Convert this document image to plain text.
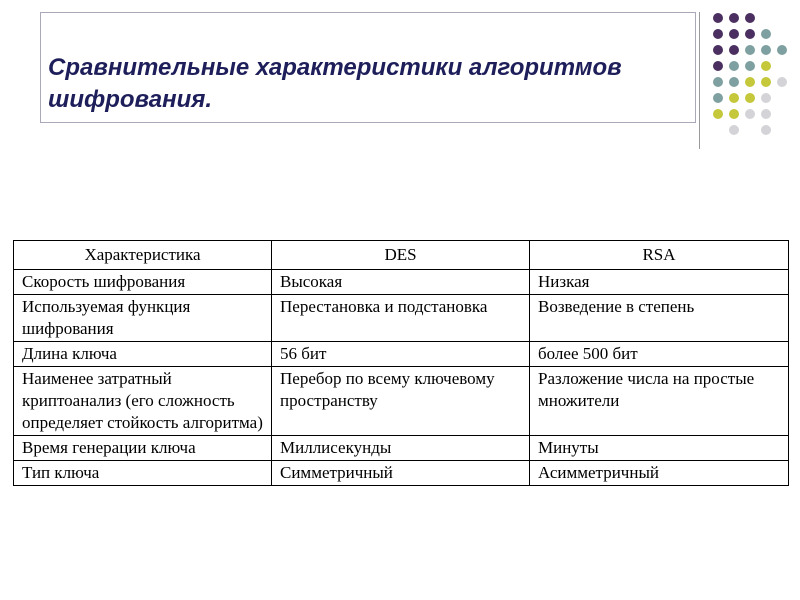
Сравнительные характеристики алгоритмов шифрования.
Характеристика	DES	RSA
Скорость шифрования	Высокая	Низкая
Используемая функция шифрования	Перестановка и подстановка	Возведение в степень
Длина ключа	56 бит	более 500 бит
Наименее затратный криптоанализ (его сложность определяет стойкость алгоритма)	Перебор по всему ключевому пространству	Разложение числа на простые множители
Время генерации ключа	Миллисекунды	Минуты
Тип ключа	Симметричный	Асимметричный
